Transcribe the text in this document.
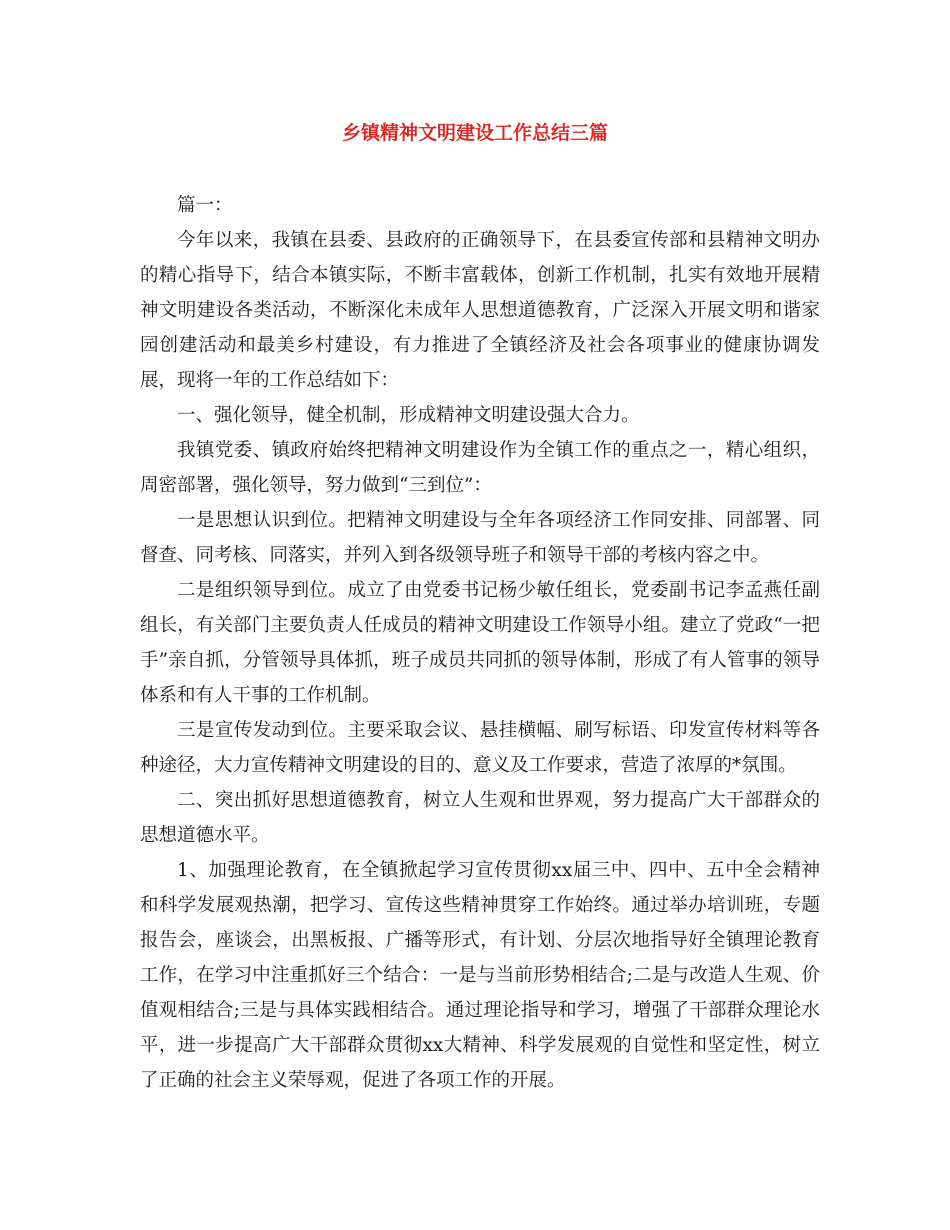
乡镇精神文明建设工作总结三篇

篇一：

今年以来，我镇在县委、县政府的正确领导下，在县委宣传部和县精神文明办的精心指导下，结合本镇实际，不断丰富载体，创新工作机制，扎实有效地开展精神文明建设各类活动，不断深化未成年人思想道德教育，广泛深入开展文明和谐家园创建活动和最美乡村建设，有力推进了全镇经济及社会各项事业的健康协调发展，现将一年的工作总结如下：

一、强化领导，健全机制，形成精神文明建设强大合力。

我镇党委、镇政府始终把精神文明建设作为全镇工作的重点之一，精心组织，周密部署，强化领导，努力做到“三到位”：

一是思想认识到位。把精神文明建设与全年各项经济工作同安排、同部署、同督查、同考核、同落实，并列入到各级领导班子和领导干部的考核内容之中。

二是组织领导到位。成立了由党委书记杨少敏任组长，党委副书记李孟燕任副组长，有关部门主要负责人任成员的精神文明建设工作领导小组。建立了党政“一把手”亲自抓，分管领导具体抓，班子成员共同抓的领导体制，形成了有人管事的领导体系和有人干事的工作机制。

三是宣传发动到位。主要采取会议、悬挂横幅、刷写标语、印发宣传材料等各种途径，大力宣传精神文明建设的目的、意义及工作要求，营造了浓厚的*氛围。

二、突出抓好思想道德教育，树立人生观和世界观，努力提高广大干部群众的思想道德水平。

1、加强理论教育，在全镇掀起学习宣传贯彻xx届三中、四中、五中全会精神和科学发展观热潮，把学习、宣传这些精神贯穿工作始终。通过举办培训班，专题报告会，座谈会，出黑板报、广播等形式，有计划、分层次地指导好全镇理论教育工作，在学习中注重抓好三个结合：一是与当前形势相结合;二是与改造人生观、价值观相结合;三是与具体实践相结合。通过理论指导和学习，增强了干部群众理论水平，进一步提高广大干部群众贯彻xx大精神、科学发展观的自觉性和坚定性，树立了正确的社会主义荣辱观，促进了各项工作的开展。
